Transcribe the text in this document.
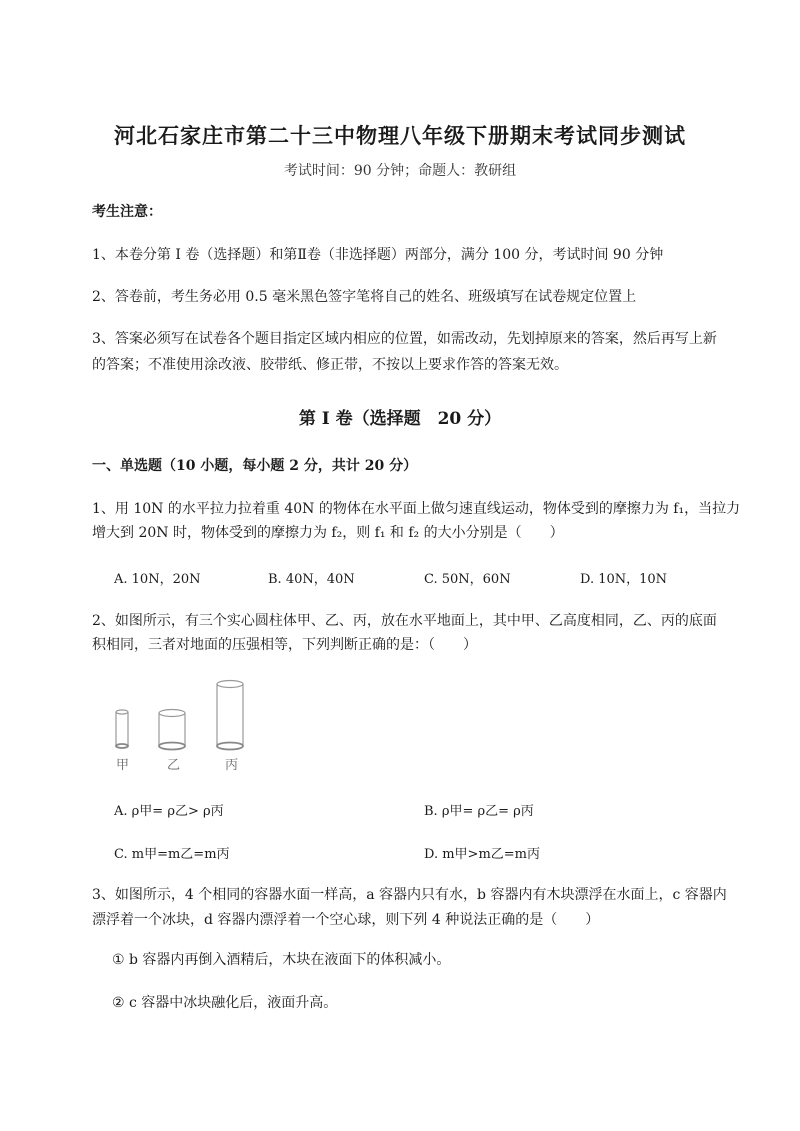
河北石家庄市第二十三中物理八年级下册期末考试同步测试
考试时间：90 分钟；命题人：教研组
考生注意：
1、本卷分第 I 卷（选择题）和第Ⅱ卷（非选择题）两部分，满分 100 分，考试时间 90 分钟
2、答卷前，考生务必用 0.5 毫米黑色签字笔将自己的姓名、班级填写在试卷规定位置上
3、答案必须写在试卷各个题目指定区域内相应的位置，如需改动，先划掉原来的答案，然后再写上新
的答案；不准使用涂改液、胶带纸、修正带，不按以上要求作答的答案无效。
第 I 卷（选择题　20 分）
一、单选题（10 小题，每小题 2 分，共计 20 分）
1、用 10N 的水平拉力拉着重 40N 的物体在水平面上做匀速直线运动，物体受到的摩擦力为 f₁，当拉力
增大到 20N 时，物体受到的摩擦力为 f₂，则 f₁ 和 f₂ 的大小分别是（　　）
A. 10N，20N	B. 40N，40N	C. 50N，60N	D. 10N，10N
2、如图所示，有三个实心圆柱体甲、乙、丙，放在水平地面上，其中甲、乙高度相同，乙、丙的底面
积相同，三者对地面的压强相等，下列判断正确的是：（　　）
甲	乙	丙
A. ρ甲= ρ乙> ρ丙	B. ρ甲= ρ乙= ρ丙
C. m甲=m乙=m丙	D. m甲>m乙=m丙
3、如图所示，4 个相同的容器水面一样高，a 容器内只有水，b 容器内有木块漂浮在水面上，c 容器内
漂浮着一个冰块，d 容器内漂浮着一个空心球，则下列 4 种说法正确的是（　　）
① b 容器内再倒入酒精后，木块在液面下的体积减小。
② c 容器中冰块融化后，液面升高。
